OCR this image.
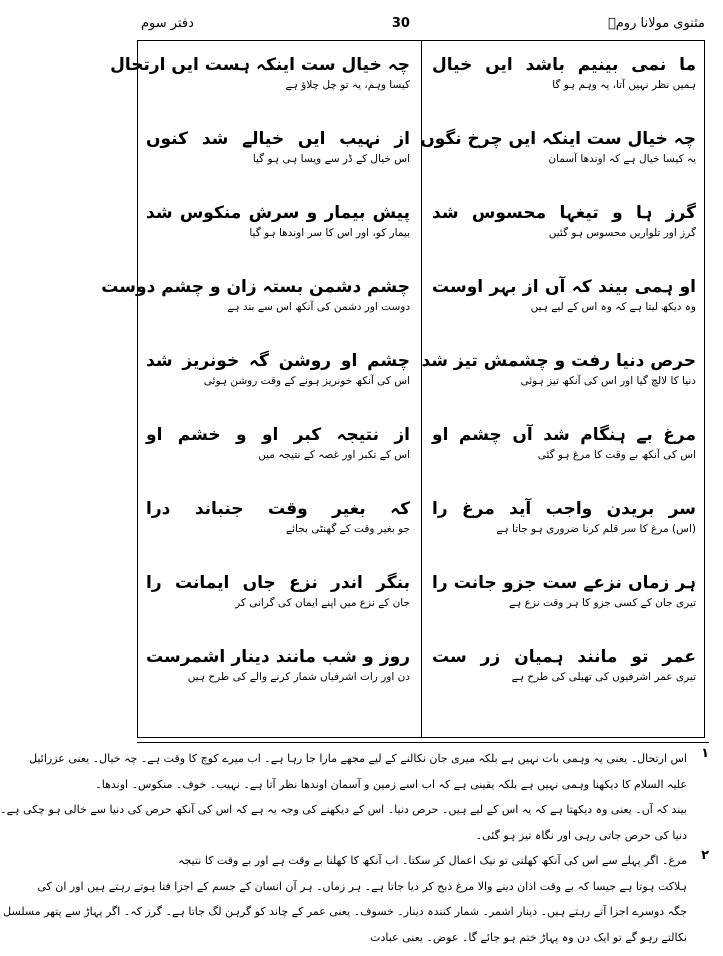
مثنوی مولانا رومؒ
30
دفتر سوم
ما نمی بینیم باشد ایں خیال
ہمیں نظر نہیں آتا، یہ وہم ہو گا
چہ خیال ست اینکہ ایں چرخ نگوں
یہ کیسا خیال ہے کہ اوندھا آسمان
گرز ہا و تیغہا محسوس شد
گرز اور تلواریں محسوس ہو گئیں
او ہمی بیند کہ آں از بہر اوست
وہ دیکھ لیتا ہے کہ وہ اس کے لیے ہیں
حرص دنیا رفت و چشمش تیز شد
دنیا کا لالچ گیا اور اس کی آنکھ تیز ہوئی
مرغ بے ہنگام شد آں چشم او
اس کی آنکھ بے وقت کا مرغ ہو گئی
سر بریدن واجب آید مرغ را
(اس) مرغ کا سر قلم کرنا ضروری ہو جاتا ہے
ہر زماں نزعے ست جزو جانت را
تیری جان کے کسی جزو کا ہر وقت نزع ہے
عمر تو مانند ہمیان زر ست
تیری عمر اشرفیوں کی تھیلی کی طرح ہے
چہ خیال ست اینکہ ہست ایں ارتحال
کیسا وہم، یہ تو چل چلاؤ ہے
از نہیب ایں خیالے شد کنوں
اس خیال کے ڈر سے ویسا ہی ہو گیا
پیش بیمار و سرش منکوس شد
بیمار کو، اور اس کا سر اوندھا ہو گیا
چشم دشمن بستہ زان و چشم دوست
دوست اور دشمن کی آنکھ اس سے بند ہے
چشم او روشن گہ خونریز شد
اس کی آنکھ خونریز ہونے کے وقت روشن ہوئی
از نتیجہ کبر او و خشم او
اس کے تکبر اور غصہ کے نتیجہ میں
کہ بغیر وقت جنباند درا
جو بغیر وقت کے گھنٹی بجائے
بنگر اندر نزع جاں ایمانت را
جان کے نزع میں اپنے ایمان کی گرانی کر
روز و شب مانند دینار اشمرست
دن اور رات اشرفیاں شمار کرنے والے کی طرح ہیں
۱
اس ارتحال۔ یعنی یہ وہمی بات نہیں ہے بلکہ میری جان نکالنے کے لیے مجھے مارا جا رہا ہے۔ اب میرے کوچ کا وقت ہے۔ چہ خیال۔ یعنی عزرائیل
علیہ السلام کا دیکھنا وہمی نہیں ہے بلکہ یقینی ہے کہ اب اسے زمین و آسمان اوندھا نظر آتا ہے۔ نہیب۔ خوف۔ منکوس۔ اوندھا۔
بیند کہ آں۔ یعنی وہ دیکھتا ہے کہ یہ اس کے لیے ہیں۔ حرص دنیا۔ اس کے دیکھنے کی وجہ یہ ہے کہ اس کی آنکھ حرص کی دنیا سے خالی ہو چکی ہے۔
دنیا کی حرص جاتی رہی اور نگاہ تیز ہو گئی۔
۲
مرغ۔ اگر پہلے سے اس کی آنکھ کھلتی تو نیک اعمال کر سکتا۔ اب آنکھ کا کھلنا بے وقت ہے اور بے وقت کا نتیجہ
ہلاکت ہوتا ہے جیسا کہ بے وقت اذان دینے والا مرغ ذبح کر دیا جاتا ہے۔ ہر زماں۔ ہر آن انسان کے جسم کے اجزا فنا ہوتے رہتے ہیں اور ان کی
جگہ دوسرے اجزا آتے رہتے ہیں۔ دینار اشمر۔ شمار کنندہ دینار۔ خسوف۔ یعنی عمر کے چاند کو گرہن لگ جاتا ہے۔ گرز کہ۔ اگر پہاڑ سے پتھر مسلسل
نکالتے رہو گے تو ایک دن وہ پہاڑ ختم ہو جائے گا۔ عوض۔ یعنی عبادت
